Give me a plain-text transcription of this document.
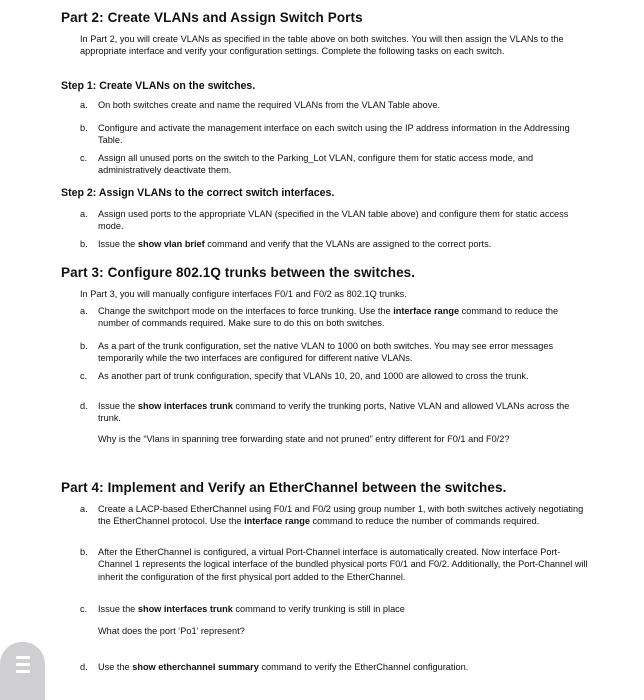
Part 2: Create VLANs and Assign Switch Ports
In Part 2, you will create VLANs as specified in the table above on both switches. You will then assign the VLANs to the appropriate interface and verify your configuration settings. Complete the following tasks on each switch.
Step 1: Create VLANs on the switches.
a.	On both switches create and name the required VLANs from the VLAN Table above.
b.	Configure and activate the management interface on each switch using the IP address information in the Addressing Table.
c.	Assign all unused ports on the switch to the Parking_Lot VLAN, configure them for static access mode, and administratively deactivate them.
Step 2: Assign VLANs to the correct switch interfaces.
a.	Assign used ports to the appropriate VLAN (specified in the VLAN table above) and configure them for static access mode.
b.	Issue the show vlan brief command and verify that the VLANs are assigned to the correct ports.
Part 3: Configure 802.1Q trunks between the switches.
In Part 3, you will manually configure interfaces F0/1 and F0/2 as 802.1Q trunks.
a.	Change the switchport mode on the interfaces to force trunking. Use the interface range command to reduce the number of commands required. Make sure to do this on both switches.
b.	As a part of the trunk configuration, set the native VLAN to 1000 on both switches. You may see error messages temporarily while the two interfaces are configured for different native VLANs.
c.	As another part of trunk configuration, specify that VLANs 10, 20, and 1000 are allowed to cross the trunk.
d.	Issue the show interfaces trunk command to verify the trunking ports, Native VLAN and allowed VLANs across the trunk.
Why is the “Vlans in spanning tree forwarding state and not pruned” entry different for F0/1 and F0/2?
Part 4: Implement and Verify an EtherChannel between the switches.
a.	Create a LACP-based EtherChannel using F0/1 and F0/2 using group number 1, with both switches actively negotiating the EtherChannel protocol. Use the interface range command to reduce the number of commands required.
b.	After the EtherChannel is configured, a virtual Port-Channel interface is automatically created. Now interface Port-Channel 1 represents the logical interface of the bundled physical ports F0/1 and F0/2. Additionally, the Port-Channel will inherit the configuration of the first physical port added to the EtherChannel.
c.	Issue the show interfaces trunk command to verify trunking is still in place
What does the port ‘Po1’ represent?
d.	Use the show etherchannel summary command to verify the EtherChannel configuration.
